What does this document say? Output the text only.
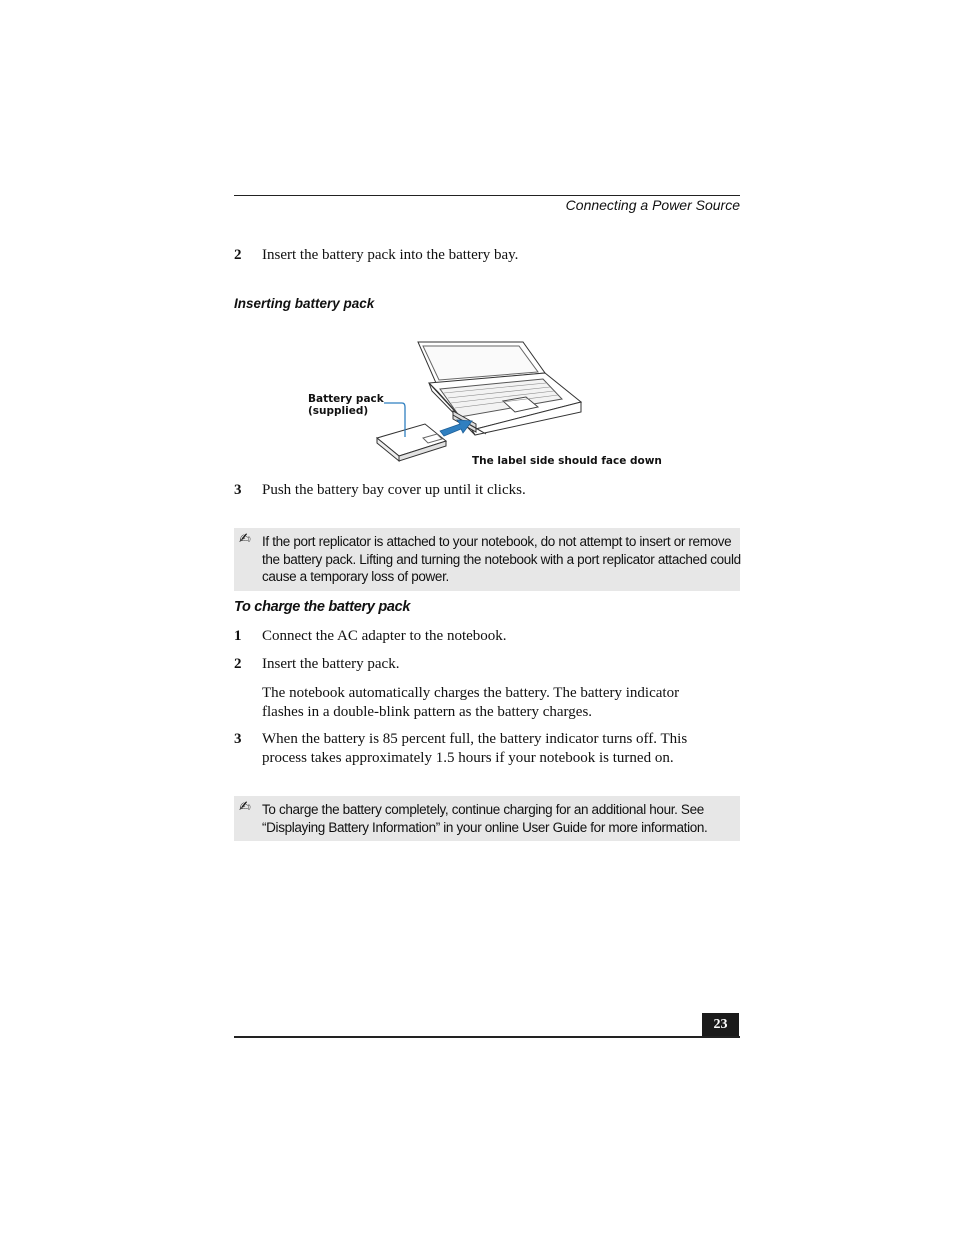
Connecting a Power Source
2 Insert the battery pack into the battery bay.
Inserting battery pack
Battery pack
(supplied)
The label side should face down
3 Push the battery bay cover up until it clicks.
✍ If the port replicator is attached to your notebook, do not attempt to insert or remove the battery pack. Lifting and turning the notebook with a port replicator attached could cause a temporary loss of power.
To charge the battery pack
1 Connect the AC adapter to the notebook.
2 Insert the battery pack.
The notebook automatically charges the battery. The battery indicator flashes in a double-blink pattern as the battery charges.
3 When the battery is 85 percent full, the battery indicator turns off. This process takes approximately 1.5 hours if your notebook is turned on.
✍ To charge the battery completely, continue charging for an additional hour. See “Displaying Battery Information” in your online User Guide for more information.
23
